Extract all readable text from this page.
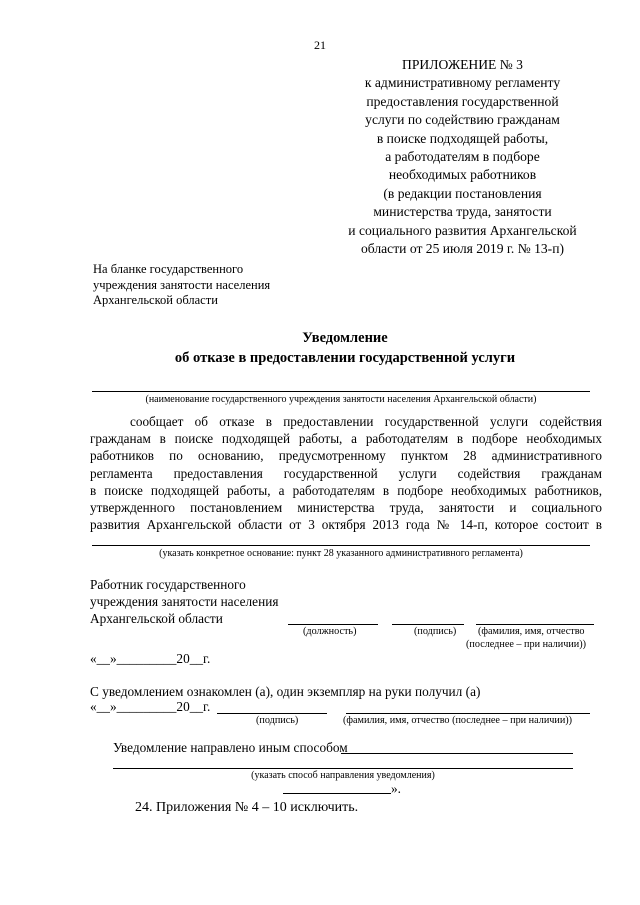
21
ПРИЛОЖЕНИЕ № 3
к административному регламенту
предоставления государственной
услуги по содействию гражданам
в поиске подходящей работы,
а работодателям в подборе
необходимых работников
(в редакции постановления
министерства труда, занятости
и социального развития Архангельской
области от 25 июля 2019 г. № 13-п)
На бланке государственного
учреждения занятости населения
Архангельской области
Уведомление
об отказе в предоставлении государственной услуги
(наименование государственного учреждения занятости населения Архангельской области)
сообщает об отказе в предоставлении государственной услуги содействия
гражданам в поиске подходящей работы, а работодателям в подборе необходимых
работников по основанию, предусмотренному пунктом 28 административного
регламента предоставления государственной услуги содействия гражданам
в поиске подходящей работы, а работодателям в подборе необходимых работников,
утвержденного постановлением министерства труда, занятости и социального
развития Архангельской области от 3 октября 2013 года № 14-п, которое состоит в
(указать конкретное основание: пункт 28 указанного административного регламента)
Работник государственного
учреждения занятости населения
Архангельской области
(должность)	(подпись) (фамилия, имя, отчество
(последнее – при наличии))
«__»_________20__г.
С уведомлением ознакомлен (а), один экземпляр на руки получил (а)
«__»_________20__г.
(подпись)	(фамилия, имя, отчество (последнее – при наличии))
Уведомление направлено иным способом
(указать способ направления уведомления)
».
24. Приложения № 4 – 10 исключить.
